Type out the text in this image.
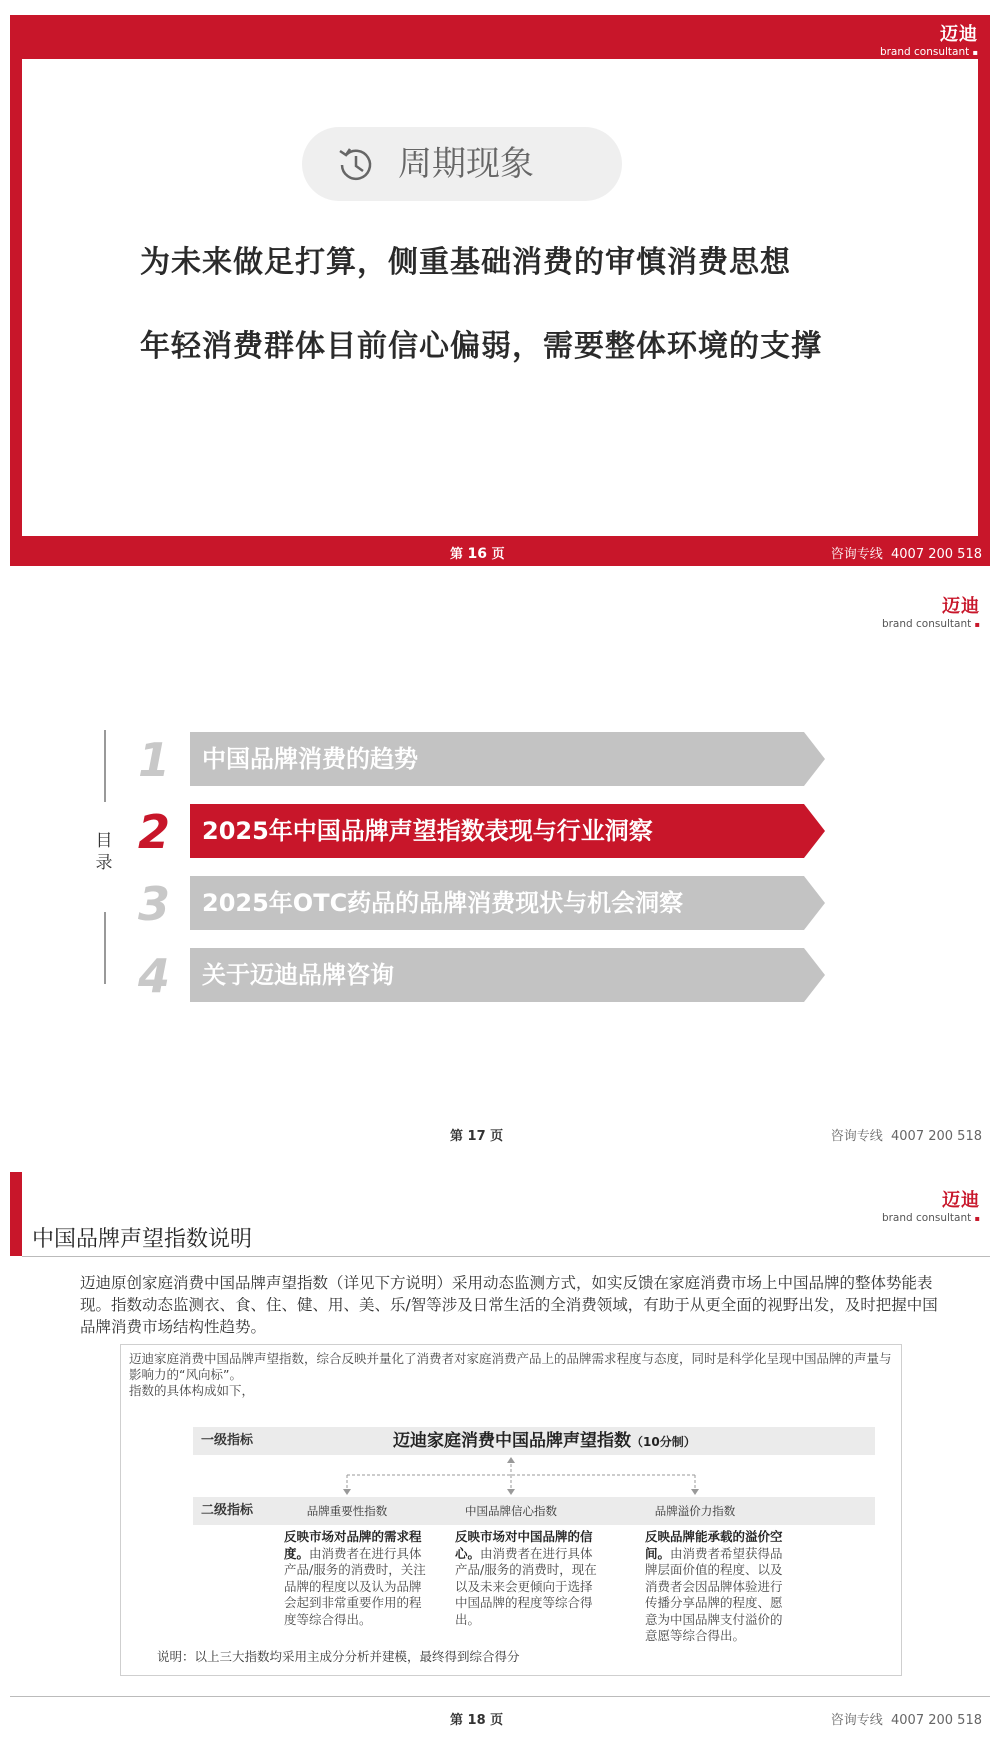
迈迪
brand consultant ▪
周期现象
为未来做足打算，侧重基础消费的审慎消费思想
年轻消费群体目前信心偏弱，需要整体环境的支撑
第 16 页	咨询专线 4007 200 518
迈迪
brand consultant ▪
目录
1 中国品牌消费的趋势
2 2025年中国品牌声望指数表现与行业洞察
3 2025年OTC药品的品牌消费现状与机会洞察
4 关于迈迪品牌咨询
第 17 页	咨询专线 4007 200 518
迈迪
brand consultant ▪
中国品牌声望指数说明
迈迪原创家庭消费中国品牌声望指数（详见下方说明）采用动态监测方式，如实反馈在家庭消费市场上中国品牌的整体势能表现。指数动态监测衣、食、住、健、用、美、乐/智等涉及日常生活的全消费领域，有助于从更全面的视野出发，及时把握中国品牌消费市场结构性趋势。
迈迪家庭消费中国品牌声望指数，综合反映并量化了消费者对家庭消费产品上的品牌需求程度与态度，同时是科学化呈现中国品牌的声量与影响力的“风向标”。
指数的具体构成如下，
一级指标	迈迪家庭消费中国品牌声望指数（10分制）
二级指标	品牌重要性指数	中国品牌信心指数	品牌溢价力指数
反映市场对品牌的需求程度。由消费者在进行具体产品/服务的消费时，关注品牌的程度以及认为品牌会起到非常重要作用的程度等综合得出。
反映市场对中国品牌的信心。由消费者在进行具体产品/服务的消费时，现在以及未来会更倾向于选择中国品牌的程度等综合得出。
反映品牌能承载的溢价空间。由消费者希望获得品牌层面价值的程度、以及消费者会因品牌体验进行传播分享品牌的程度、愿意为中国品牌支付溢价的意愿等综合得出。
说明：以上三大指数均采用主成分分析并建模，最终得到综合得分
第 18 页	咨询专线 4007 200 518
